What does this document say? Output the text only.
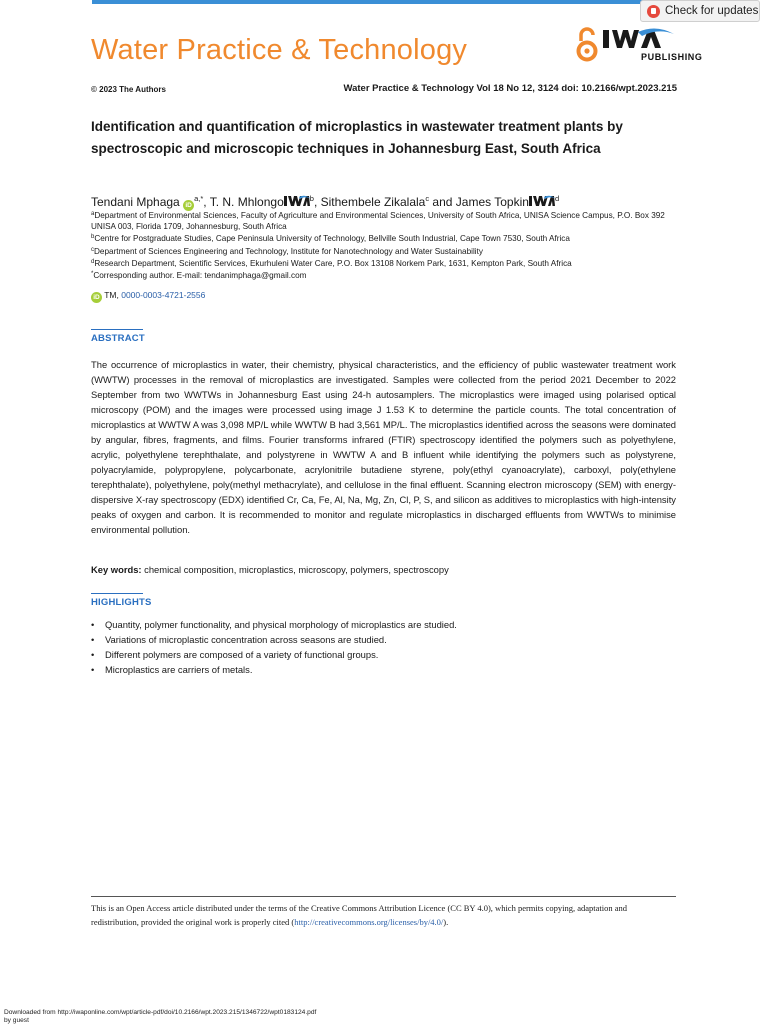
Water Practice & Technology
Check for updates
PUBLISHING
© 2023 The Authors	Water Practice & Technology Vol 18 No 12, 3124 doi: 10.2166/wpt.2023.215
Identification and quantification of microplastics in wastewater treatment plants by spectroscopic and microscopic techniques in Johannesburg East, South Africa
Tendani Mphaga $iD^{a,*}$, T. N. Mhlongo	$^b$, Sithembele Zikalala$^c$ and James Topkin	$^d$
$^a$Department of Environmental Sciences, Faculty of Agriculture and Environmental Sciences, University of South Africa, UNISA Science Campus, P.O. Box 392 UNISA 003, Florida 1709, Johannesburg, South Africa
$^b$Centre for Postgraduate Studies, Cape Peninsula University of Technology, Bellville South Industrial, Cape Town 7530, South Africa
$^c$Department of Sciences Engineering and Technology, Institute for Nanotechnology and Water Sustainability
$^d$Research Department, Scientific Services, Ekurhuleni Water Care, P.O. Box 13108 Norkem Park, 1631, Kempton Park, South Africa
*Corresponding author. E-mail: tendanimphaga@gmail.com
iD TM, 0000-0003-4721-2556
ABSTRACT
The occurrence of microplastics in water, their chemistry, physical characteristics, and the efficiency of public wastewater treatment work (WWTW) processes in the removal of microplastics are investigated. Samples were collected from the period 2021 December to 2022 September from two WWTWs in Johannesburg East using 24-h autosamplers. The microplastics were imaged using polarised optical microscopy (POM) and the images were processed using image J 1.53 K to determine the particle counts. The total concentration of microplastics at WWTW A was 3,098 MP/L while WWTW B had 3,561 MP/L. The microplastics identified across the seasons were dominated by angular, fibres, fragments, and films. Fourier transforms infrared (FTIR) spectroscopy identified the polymers such as polyethylene, acrylic, polyethylene terephthalate, and polystyrene in WWTW A and B influent while identifying the polymers such as polystyrene, polyacrylamide, polypropylene, polycarbonate, acrylonitrile butadiene styrene, poly(ethyl cyanoacrylate), carboxyl, poly(ethylene terephthalate), polyethylene, poly(methyl methacrylate), and cellulose in the final effluent. Scanning electron microscopy (SEM) with energy-dispersive X-ray spectroscopy (EDX) identified Cr, Ca, Fe, Al, Na, Mg, Zn, Cl, P, S, and silicon as additives to microplastics with high-intensity peaks of oxygen and carbon. It is recommended to monitor and regulate microplastics in discharged effluents from WWTWs to minimise environmental pollution.
Key words: chemical composition, microplastics, microscopy, polymers, spectroscopy
HIGHLIGHTS
• Quantity, polymer functionality, and physical morphology of microplastics are studied.
• Variations of microplastic concentration across seasons are studied.
• Different polymers are composed of a variety of functional groups.
• Microplastics are carriers of metals.
This is an Open Access article distributed under the terms of the Creative Commons Attribution Licence (CC BY 4.0), which permits copying, adaptation and redistribution, provided the original work is properly cited (http://creativecommons.org/licenses/by/4.0/).
Downloaded from http://iwaponline.com/wpt/article-pdf/doi/10.2166/wpt.2023.215/1346722/wpt0183124.pdf
by guest
